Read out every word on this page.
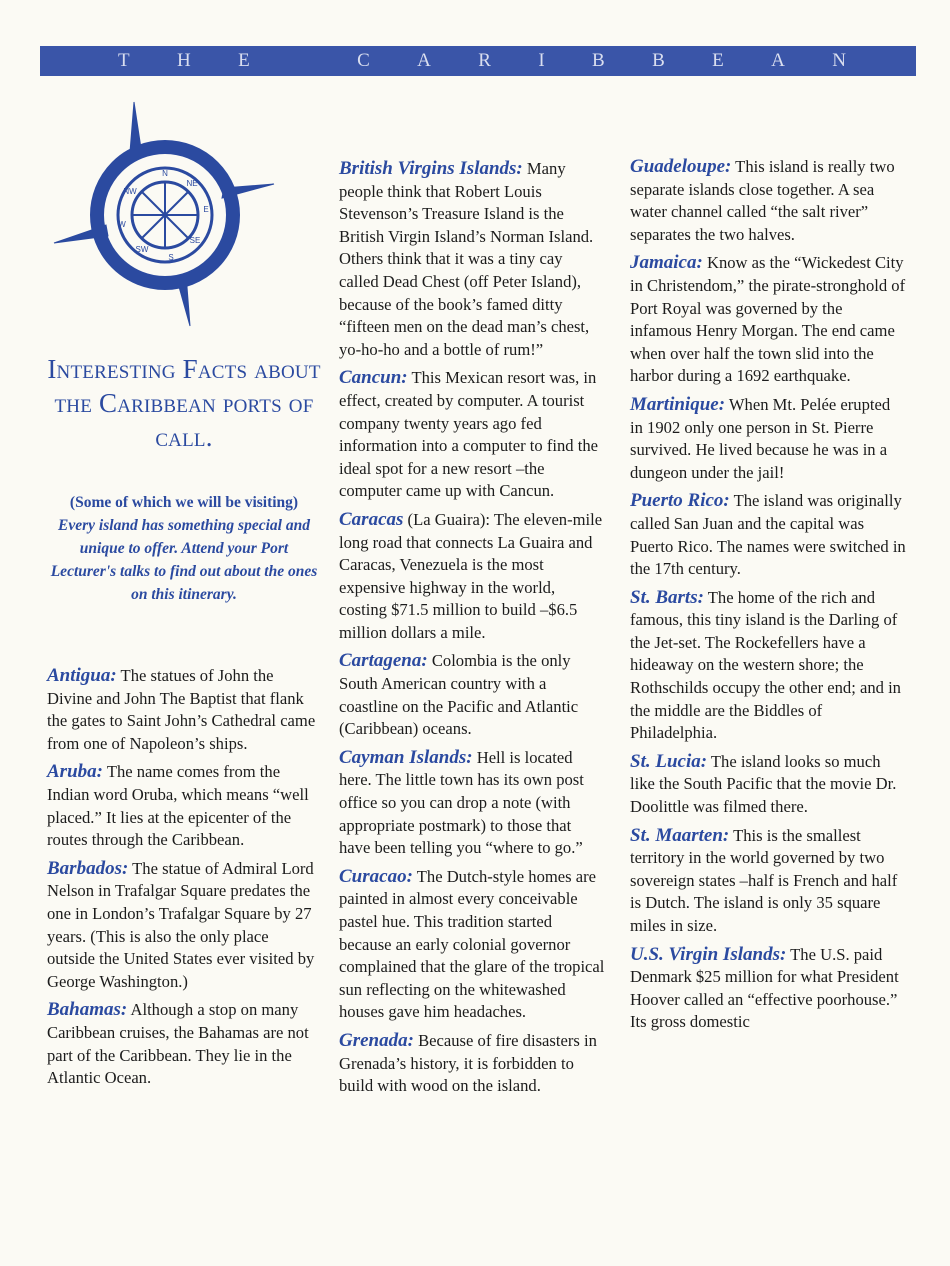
T H E	C A R I B B E A N
N
NE
E
SE
S
SW
W
NW
Interesting Facts about the Caribbean ports of call.
(Some of which we will be visiting)
Every island has something special and unique to offer. Attend your Port Lecturer's talks to find out about the ones on this itinerary.

Antigua: The statues of John the Divine and John The Baptist that flank the gates to Saint John’s Cathedral came from one of Napoleon’s ships.

Aruba: The name comes from the Indian word Oruba, which means “well placed.” It lies at the epicenter of the routes through the Caribbean.

Barbados: The statue of Admiral Lord Nelson in Trafalgar Square predates the one in London’s Trafalgar Square by 27 years. (This is also the only place outside the United States ever visited by George Washington.)

Bahamas: Although a stop on many Caribbean cruises, the Bahamas are not part of the Caribbean. They lie in the Atlantic Ocean.

British Virgins Islands: Many people think that Robert Louis Stevenson’s Treasure Island is the British Virgin Island’s Norman Island. Others think that it was a tiny cay called Dead Chest (off Peter Island), because of the book’s famed ditty “fifteen men on the dead man’s chest, yo-ho-ho and a bottle of rum!”

Cancun: This Mexican resort was, in effect, created by computer. A tourist company twenty years ago fed information into a computer to find the ideal spot for a new resort –the computer came up with Cancun.

Caracas (La Guaira): The eleven-mile long road that connects La Guaira and Caracas, Venezuela is the most expensive highway in the world, costing $71.5 million to build –$6.5 million dollars a mile.

Cartagena: Colombia is the only South American country with a coastline on the Pacific and Atlantic (Caribbean) oceans.

Cayman Islands: Hell is located here. The little town has its own post office so you can drop a note (with appropriate postmark) to those that have been telling you “where to go.”

Curacao: The Dutch-style homes are painted in almost every conceivable pastel hue. This tradition started because an early colonial governor complained that the glare of the tropical sun reflecting on the whitewashed houses gave him headaches.

Grenada: Because of fire disasters in Grenada’s history, it is forbidden to build with wood on the island.

Guadeloupe: This island is really two separate islands close together. A sea water channel called “the salt river” separates the two halves.

Jamaica: Know as the “Wickedest City in Christendom,” the pirate-stronghold of Port Royal was governed by the infamous Henry Morgan. The end came when over half the town slid into the harbor during a 1692 earthquake.

Martinique: When Mt. Pelée erupted in 1902 only one person in St. Pierre survived. He lived because he was in a dungeon under the jail!

Puerto Rico: The island was originally called San Juan and the capital was Puerto Rico. The names were switched in the 17th century.

St. Barts: The home of the rich and famous, this tiny island is the Darling of the Jet-set. The Rockefellers have a hideaway on the western shore; the Rothschilds occupy the other end; and in the middle are the Biddles of Philadelphia.

St. Lucia: The island looks so much like the South Pacific that the movie Dr. Doolittle was filmed there.

St. Maarten: This is the smallest territory in the world governed by two sovereign states –half is French and half is Dutch. The island is only 35 square miles in size.

U.S. Virgin Islands: The U.S. paid Denmark $25 million for what President Hoover called an “effective poorhouse.” Its gross domestic
